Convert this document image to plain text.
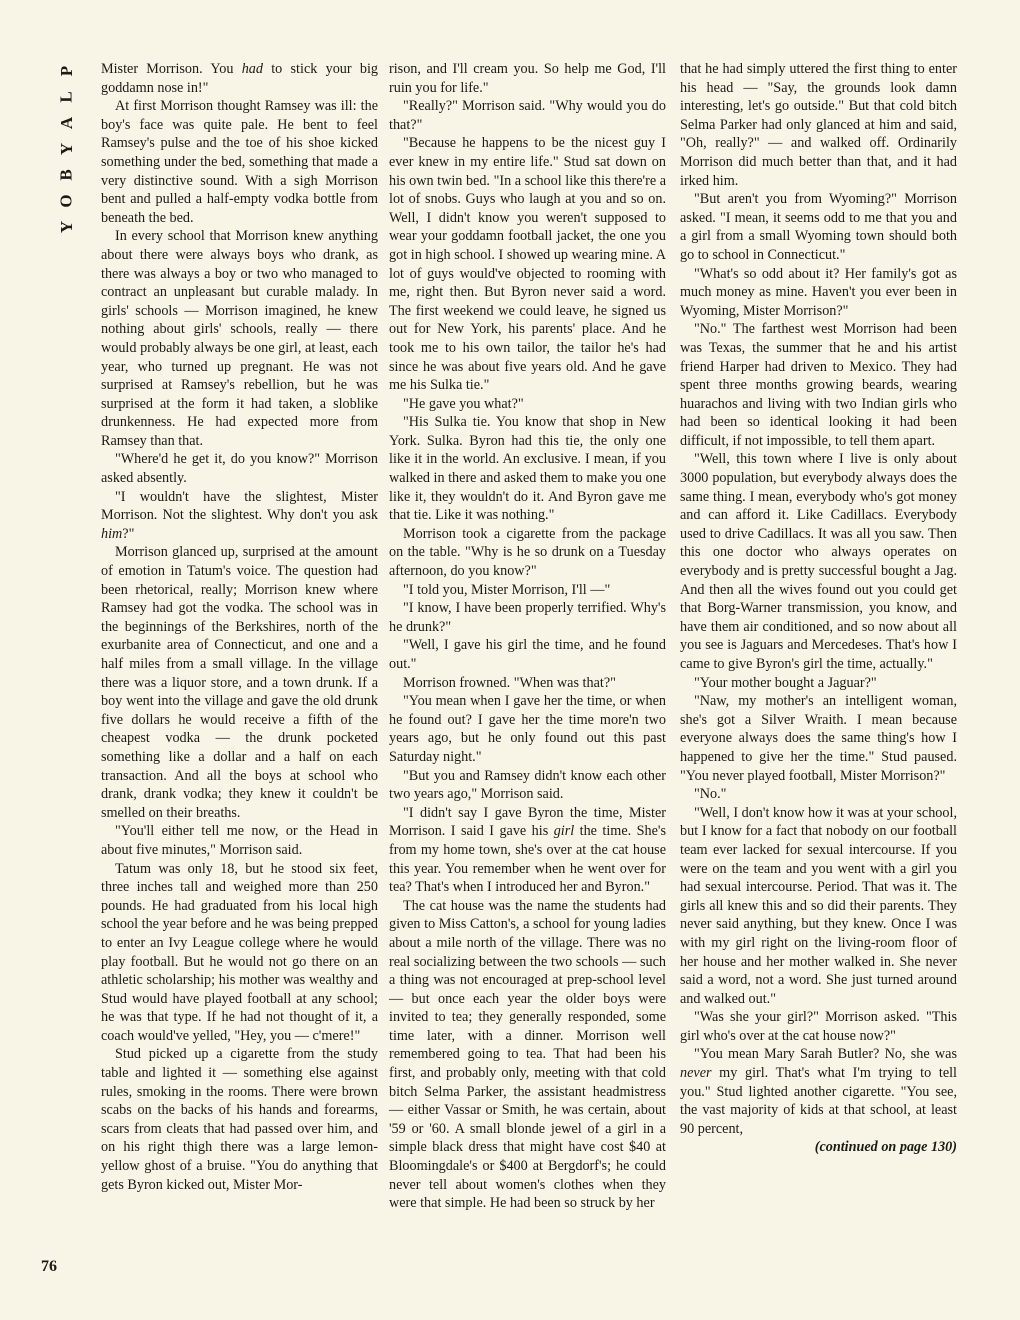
P
L
A
Y
B
O
Y

Mister Morrison. You had to stick your big goddamn nose in!"

At first Morrison thought Ramsey was ill: the boy's face was quite pale. He bent to feel Ramsey's pulse and the toe of his shoe kicked something under the bed, something that made a very distinctive sound. With a sigh Morrison bent and pulled a half-empty vodka bottle from beneath the bed.

In every school that Morrison knew anything about there were always boys who drank, as there was always a boy or two who managed to contract an unpleasant but curable malady. In girls' schools — Morrison imagined, he knew nothing about girls' schools, really — there would probably always be one girl, at least, each year, who turned up pregnant. He was not surprised at Ramsey's rebellion, but he was surprised at the form it had taken, a sloblike drunkenness. He had expected more from Ramsey than that.

"Where'd he get it, do you know?" Morrison asked absently.

"I wouldn't have the slightest, Mister Morrison. Not the slightest. Why don't you ask him?"

Morrison glanced up, surprised at the amount of emotion in Tatum's voice. The question had been rhetorical, really; Morrison knew where Ramsey had got the vodka. The school was in the beginnings of the Berkshires, north of the exurbanite area of Connecticut, and one and a half miles from a small village. In the village there was a liquor store, and a town drunk. If a boy went into the village and gave the old drunk five dollars he would receive a fifth of the cheapest vodka — the drunk pocketed something like a dollar and a half on each transaction. And all the boys at school who drank, drank vodka; they knew it couldn't be smelled on their breaths.

"You'll either tell me now, or the Head in about five minutes," Morrison said.

Tatum was only 18, but he stood six feet, three inches tall and weighed more than 250 pounds. He had graduated from his local high school the year before and he was being prepped to enter an Ivy League college where he would play football. But he would not go there on an athletic scholarship; his mother was wealthy and Stud would have played football at any school; he was that type. If he had not thought of it, a coach would've yelled, "Hey, you — c'mere!"

Stud picked up a cigarette from the study table and lighted it — something else against rules, smoking in the rooms. There were brown scabs on the backs of his hands and forearms, scars from cleats that had passed over him, and on his right thigh there was a large lemon-yellow ghost of a bruise. "You do anything that gets Byron kicked out, Mister Mor-

rison, and I'll cream you. So help me God, I'll ruin you for life."

"Really?" Morrison said. "Why would you do that?"

"Because he happens to be the nicest guy I ever knew in my entire life." Stud sat down on his own twin bed. "In a school like this there're a lot of snobs. Guys who laugh at you and so on. Well, I didn't know you weren't supposed to wear your goddamn football jacket, the one you got in high school. I showed up wearing mine. A lot of guys would've objected to rooming with me, right then. But Byron never said a word. The first weekend we could leave, he signed us out for New York, his parents' place. And he took me to his own tailor, the tailor he's had since he was about five years old. And he gave me his Sulka tie."

"He gave you what?"

"His Sulka tie. You know that shop in New York. Sulka. Byron had this tie, the only one like it in the world. An exclusive. I mean, if you walked in there and asked them to make you one like it, they wouldn't do it. And Byron gave me that tie. Like it was nothing."

Morrison took a cigarette from the package on the table. "Why is he so drunk on a Tuesday afternoon, do you know?"

"I told you, Mister Morrison, I'll —"

"I know, I have been properly terrified. Why's he drunk?"

"Well, I gave his girl the time, and he found out."

Morrison frowned. "When was that?"

"You mean when I gave her the time, or when he found out? I gave her the time more'n two years ago, but he only found out this past Saturday night."

"But you and Ramsey didn't know each other two years ago," Morrison said.

"I didn't say I gave Byron the time, Mister Morrison. I said I gave his girl the time. She's from my home town, she's over at the cat house this year. You remember when he went over for tea? That's when I introduced her and Byron."

The cat house was the name the students had given to Miss Catton's, a school for young ladies about a mile north of the village. There was no real socializing between the two schools — such a thing was not encouraged at prep-school level — but once each year the older boys were invited to tea; they generally responded, some time later, with a dinner. Morrison well remembered going to tea. That had been his first, and probably only, meeting with that cold bitch Selma Parker, the assistant headmistress — either Vassar or Smith, he was certain, about '59 or '60. A small blonde jewel of a girl in a simple black dress that might have cost $40 at Bloomingdale's or $400 at Bergdorf's; he could never tell about women's clothes when they were that simple. He had been so struck by her

that he had simply uttered the first thing to enter his head — "Say, the grounds look damn interesting, let's go outside." But that cold bitch Selma Parker had only glanced at him and said, "Oh, really?" — and walked off. Ordinarily Morrison did much better than that, and it had irked him.

"But aren't you from Wyoming?" Morrison asked. "I mean, it seems odd to me that you and a girl from a small Wyoming town should both go to school in Connecticut."

"What's so odd about it? Her family's got as much money as mine. Haven't you ever been in Wyoming, Mister Morrison?"

"No." The farthest west Morrison had been was Texas, the summer that he and his artist friend Harper had driven to Mexico. They had spent three months growing beards, wearing huarachos and living with two Indian girls who had been so identical looking it had been difficult, if not impossible, to tell them apart.

"Well, this town where I live is only about 3000 population, but everybody always does the same thing. I mean, everybody who's got money and can afford it. Like Cadillacs. Everybody used to drive Cadillacs. It was all you saw. Then this one doctor who always operates on everybody and is pretty successful bought a Jag. And then all the wives found out you could get that Borg-Warner transmission, you know, and have them air conditioned, and so now about all you see is Jaguars and Mercedeses. That's how I came to give Byron's girl the time, actually."

"Your mother bought a Jaguar?"

"Naw, my mother's an intelligent woman, she's got a Silver Wraith. I mean because everyone always does the same thing's how I happened to give her the time." Stud paused. "You never played football, Mister Morrison?"

"No."

"Well, I don't know how it was at your school, but I know for a fact that nobody on our football team ever lacked for sexual intercourse. If you were on the team and you went with a girl you had sexual intercourse. Period. That was it. The girls all knew this and so did their parents. They never said anything, but they knew. Once I was with my girl right on the living-room floor of her house and her mother walked in. She never said a word, not a word. She just turned around and walked out."

"Was she your girl?" Morrison asked. "This girl who's over at the cat house now?"

"You mean Mary Sarah Butler? No, she was never my girl. That's what I'm trying to tell you." Stud lighted another cigarette. "You see, the vast majority of kids at that school, at least 90 percent,

(continued on page 130)
76
